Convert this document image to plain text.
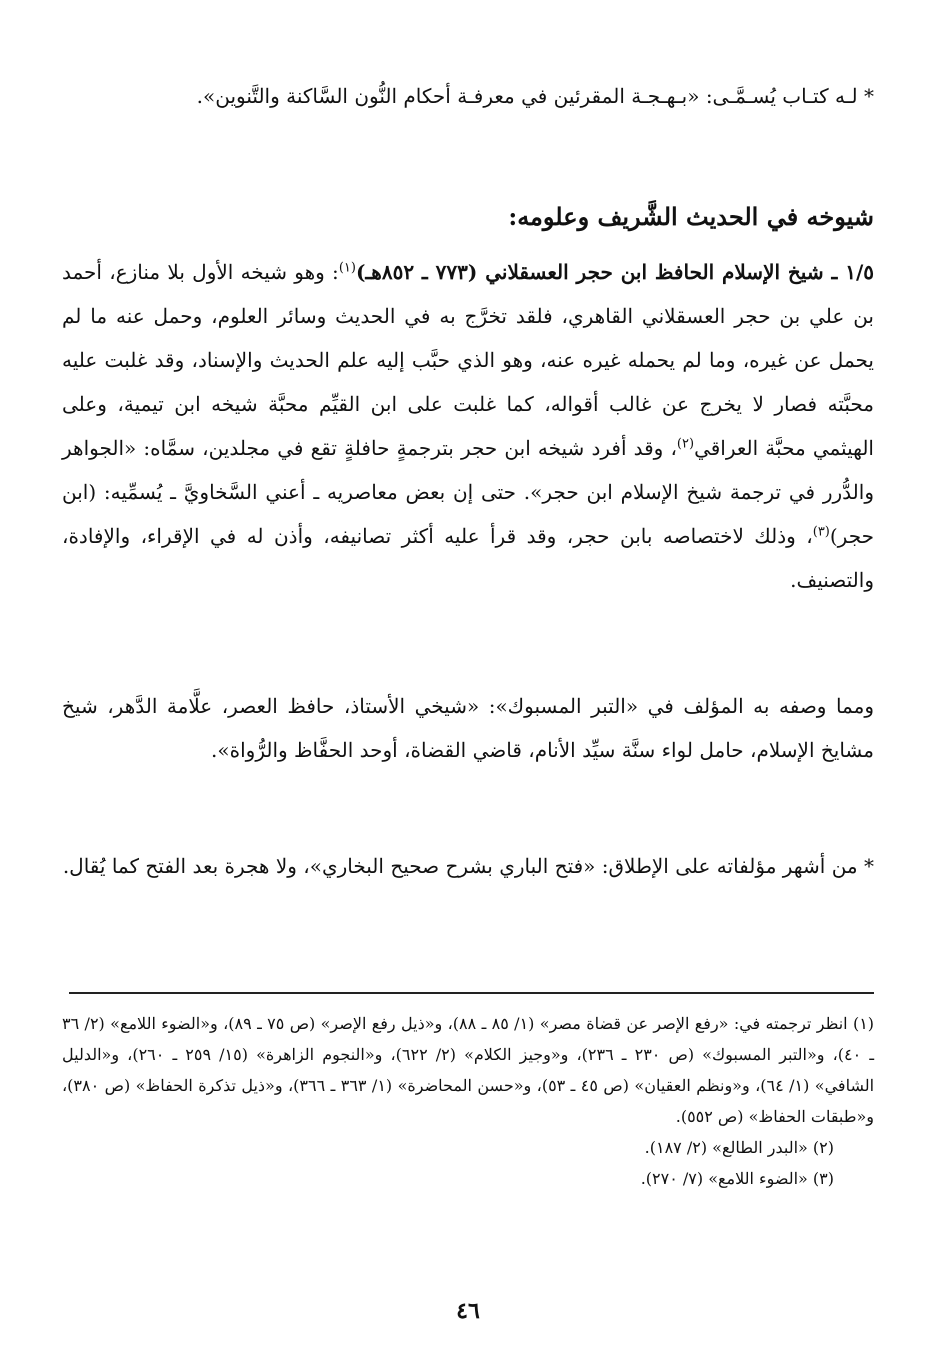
* لـه كتـاب يُسـمَّـى: «بـهـجـة المقرئين في معرفـة أحكام النُّون السَّاكنة والتَّنوين».

شيوخه في الحديث الشَّريف وعلومه:

١/٥ ـ شيخ الإسلام الحافظ ابن حجر العسقلاني (٧٧٣ ـ ٨٥٢هـ)$^{(١)}$: وهو شيخه الأول بلا منازع، أحمد بن علي بن حجر العسقلاني القاهري، فلقد تخرَّج به في الحديث وسائر العلوم، وحمل عنه ما لم يحمل عن غيره، وما لم يحمله غيره عنه، وهو الذي حبَّب إليه علم الحديث والإسناد، وقد غلبت عليه محبَّته فصار لا يخرج عن غالب أقواله، كما غلبت على ابن القيِّم محبَّة شيخه ابن تيمية، وعلى الهيثمي محبَّة العراقي$^{(٢)}$، وقد أفرد شيخه ابن حجر بترجمةٍ حافلةٍ تقع في مجلدين، سمَّاه: «الجواهر والدُّرر في ترجمة شيخ الإسلام ابن حجر». حتى إن بعض معاصريه ـ أعني السَّخاويَّ ـ يُسمِّيه: (ابن حجر)$^{(٣)}$، وذلك لاختصاصه بابن حجر، وقد قرأ عليه أكثر تصانيفه، وأذن له في الإقراء، والإفادة، والتصنيف.

ومما وصفه به المؤلف في «التبر المسبوك»: «شيخي الأستاذ، حافظ العصر، علَّامة الدَّهر، شيخ مشايخ الإسلام، حامل لواء سنَّة سيِّد الأنام، قاضي القضاة، أوحد الحفَّاظ والرُّواة».

* من أشهر مؤلفاته على الإطلاق: «فتح الباري بشرح صحيح البخاري»، ولا هجرة بعد الفتح كما يُقال.

(١) انظر ترجمته في: «رفع الإصر عن قضاة مصر» (١/ ٨٥ ـ ٨٨)، و«ذيل رفع الإصر» (ص ٧٥ ـ ٨٩)، و«الضوء اللامع» (٢/ ٣٦ ـ ٤٠)، و«التبر المسبوك» (ص ٢٣٠ ـ ٢٣٦)، و«وجيز الكلام» (٢/ ٦٢٢)، و«النجوم الزاهرة» (١٥/ ٢٥٩ ـ ٢٦٠)، و«الدليل الشافي» (١/ ٦٤)، و«ونظم العقيان» (ص ٤٥ ـ ٥٣)، و«حسن المحاضرة» (١/ ٣٦٣ ـ ٣٦٦)، و«ذيل تذكرة الحفاظ» (ص ٣٨٠)، و«طبقات الحفاظ» (ص ٥٥٢).

(٢) «البدر الطالع» (٢/ ١٨٧).

(٣) «الضوء اللامع» (٧/ ٢٧٠).

٤٦
